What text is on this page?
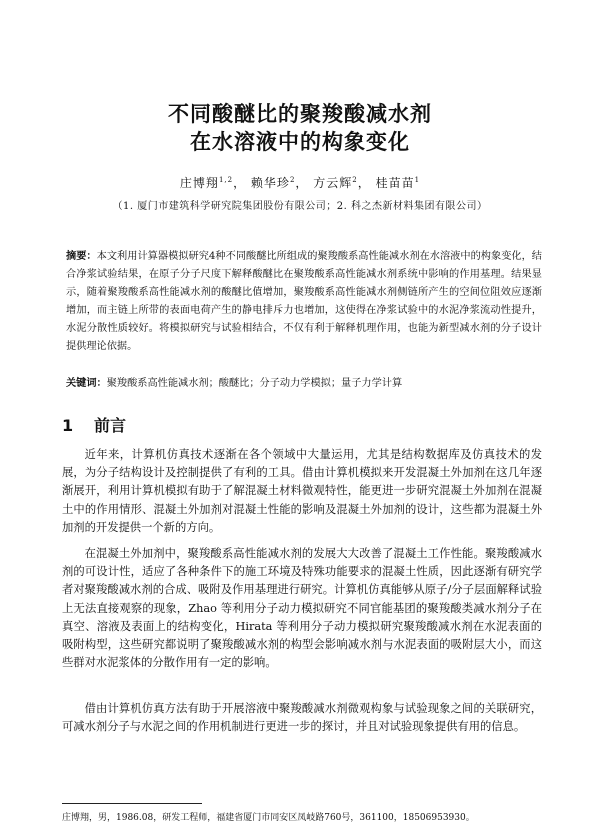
不同酸醚比的聚羧酸减水剂
在水溶液中的构象变化
庄博翔$^{1,2}$， 赖华珍$^2$， 方云辉$^2$， 桂苗苗$^1$
（1. 厦门市建筑科学研究院集团股份有限公司；2. 科之杰新材料集团有限公司）
摘要：本文利用计算器模拟研究4种不同酸醚比所组成的聚羧酸系高性能减水剂在水溶液中的构象变化，结合净浆试验结果，在原子分子尺度下解释酸醚比在聚羧酸系高性能减水剂系统中影响的作用基理。结果显示，随着聚羧酸系高性能减水剂的酸醚比值增加，聚羧酸系高性能减水剂侧链所产生的空间位阻效应逐渐增加，而主链上所带的表面电荷产生的静电排斥力也增加，这使得在净浆试验中的水泥净浆流动性提升，水泥分散性质较好。将模拟研究与试验相结合，不仅有利于解释机理作用，也能为新型减水剂的分子设计提供理论依据。
关键词：聚羧酸系高性能减水剂；酸醚比；分子动力学模拟；量子力学计算
1 前言
近年来，计算机仿真技术逐渐在各个领域中大量运用，尤其是结构数据库及仿真技术的发展，为分子结构设计及控制提供了有利的工具。借由计算机模拟来开发混凝土外加剂在这几年逐渐展开，利用计算机模拟有助于了解混凝土材料微观特性，能更进一步研究混凝土外加剂在混凝土中的作用情形、混凝土外加剂对混凝土性能的影响及混凝土外加剂的设计，这些都为混凝土外加剂的开发提供一个新的方向。
在混凝土外加剂中，聚羧酸系高性能减水剂的发展大大改善了混凝土工作性能。聚羧酸减水剂的可设计性，适应了各种条件下的施工环境及特殊功能要求的混凝土性质，因此逐渐有研究学者对聚羧酸减水剂的合成、吸附及作用基理进行研究。计算机仿真能够从原子/分子层面解释试验上无法直接观察的现象，Zhao 等利用分子动力模拟研究不同官能基团的聚羧酸类减水剂分子在真空、溶液及表面上的结构变化，Hirata 等利用分子动力模拟研究聚羧酸减水剂在水泥表面的吸附构型，这些研究都说明了聚羧酸减水剂的构型会影响减水剂与水泥表面的吸附层大小，而这些群对水泥浆体的分散作用有一定的影响。
借由计算机仿真方法有助于开展溶液中聚羧酸减水剂微观构象与试验现象之间的关联研究，可减水剂分子与水泥之间的作用机制进行更进一步的探讨，并且对试验现象提供有用的信息。
庄博翔，男，1986.08，研发工程师，福建省厦门市同安区凤岐路760号，361100，18506953930。
